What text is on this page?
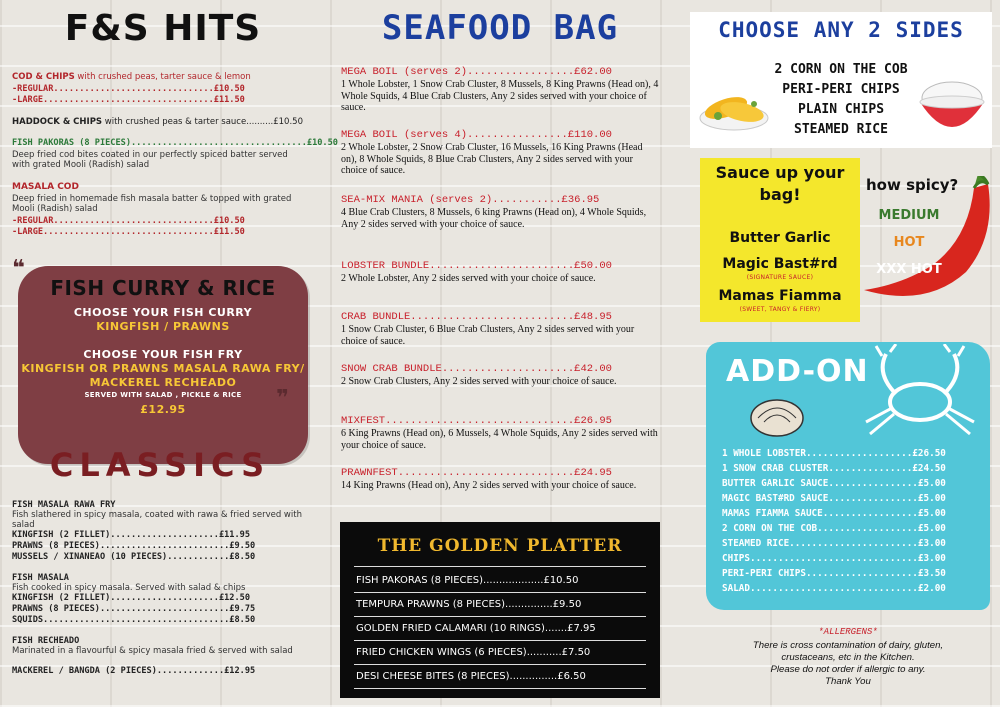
F&S HITS
COD & CHIPS with crushed peas, tarter sauce & lemon
-REGULAR...............................£10.50
-LARGE.................................£11.50
HADDOCK & CHIPS with crushed peas & tarter sauce..........£10.50
FISH PAKORAS (8 PIECES)..................................£10.50
Deep fried cod bites coated in our perfectly spiced batter served with grated Mooli (Radish) salad
MASALA COD
Deep fried in homemade fish masala batter & topped with grated Mooli (Radish) salad
-REGULAR...............................£10.50
-LARGE.................................£11.50
❝
FISH CURRY & RICE
CHOOSE YOUR FISH CURRY
KINGFISH / PRAWNS
CHOOSE YOUR FISH FRY
KINGFISH OR PRAWNS MASALA RAWA FRY/
MACKEREL RECHEADO
SERVED WITH SALAD , PICKLE & RICE
£12.95	❞
CLASSICS
FISH MASALA RAWA FRY
Fish slathered in spicy masala, coated with rawa & fried served with salad
KINGFISH (2 FILLET).....................£11.95
PRAWNS (8 PIECES).........................£9.50
MUSSELS / XINANEAO (10 PIECES)............£8.50
FISH MASALA
Fish cooked in spicy masala. Served with salad & chips
KINGFISH (2 FILLET).....................£12.50
PRAWNS (8 PIECES).........................£9.75
SQUIDS....................................£8.50
FISH RECHEADO
Marinated in a flavourful & spicy masala fried & served with salad
MACKEREL / BANGDA (2 PIECES).............£12.95
SEAFOOD BAG
MEGA BOIL (serves 2).................£62.00
1 Whole Lobster, 1 Snow Crab Cluster, 8 Mussels, 8 King Prawns (Head on), 4 Whole Squids, 4 Blue Crab Clusters, Any 2 sides served with your choice of sauce.
MEGA BOIL (serves 4)................£110.00
2 Whole Lobster, 2 Snow Crab Cluster, 16 Mussels, 16 King Prawns (Head on), 8 Whole Squids, 8 Blue Crab Clusters, Any 2 sides served with your choice of sauce.
SEA-MIX MANIA (serves 2)...........£36.95
4 Blue Crab Clusters, 8 Mussels, 6 king Prawns (Head on), 4 Whole Squids, Any 2 sides served with your choice of sauce.
LOBSTER BUNDLE.......................£50.00
2 Whole Lobster, Any 2 sides served with your choice of sauce.
CRAB BUNDLE..........................£48.95
1 Snow Crab Cluster, 6 Blue Crab Clusters, Any 2 sides served with your choice of sauce.
SNOW CRAB BUNDLE.....................£42.00
2 Snow Crab Clusters, Any 2 sides served with your choice of sauce.
MIXFEST..............................£26.95
6 King Prawns (Head on), 6 Mussels, 4 Whole Squids, Any 2 sides served with your choice of sauce.
PRAWNFEST............................£24.95
14 King Prawns (Head on), Any 2 sides served with your choice of sauce.
THE GOLDEN PLATTER
FISH PAKORAS (8 PIECES)...................£10.50
TEMPURA PRAWNS (8 PIECES)...............£9.50
GOLDEN FRIED CALAMARI (10 RINGS).......£7.95
FRIED CHICKEN WINGS (6 PIECES)...........£7.50
DESI CHEESE BITES (8 PIECES)...............£6.50
CHOOSE ANY 2 SIDES
2 CORN ON THE COB
PERI-PERI CHIPS
PLAIN CHIPS
STEAMED RICE
Sauce up your
bag!
Butter Garlic
Magic Bast#rd
(SIGNATURE SAUCE)
Mamas Fiamma
(SWEET, TANGY & FIERY)
how spicy?
MEDIUM
HOT
XXX HOT
ADD-ON
1 WHOLE LOBSTER...................£26.50
1 SNOW CRAB CLUSTER...............£24.50
BUTTER GARLIC SAUCE................£5.00
MAGIC BAST#RD SAUCE................£5.00
MAMAS FIAMMA SAUCE.................£5.00
2 CORN ON THE COB..................£5.00
STEAMED RICE.......................£3.00
CHIPS..............................£3.00
PERI-PERI CHIPS....................£3.50
SALAD..............................£2.00
*ALLERGENS*
There is cross contamination of dairy, gluten,
crustaceans, etc in the Kitchen.
Please do not order if allergic to any.
Thank You
